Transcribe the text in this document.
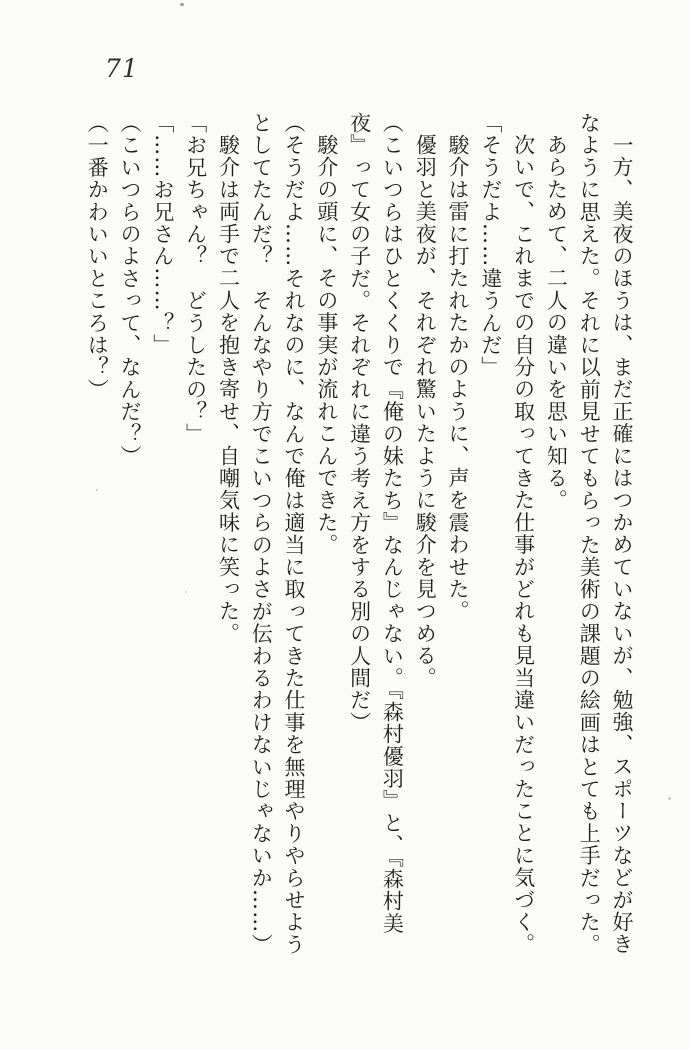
71
一方、美夜のほうは、まだ正確にはつかめていないが、勉強、スポーツなどが好き
なように思えた。それに以前見せてもらった美術の課題の絵画はとても上手だった。
あらためて、二人の違いを思い知る。
次いで、これまでの自分の取ってきた仕事がどれも見当違いだったことに気づく。
「そうだよ……違うんだ」
駿介は雷に打たれたかのように、声を震わせた。
優羽と美夜が、それぞれ驚いたように駿介を見つめる。
（こいつらはひとくくりで『俺の妹たち』なんじゃない。『森村優羽』と、『森村美
夜』って女の子だ。それぞれに違う考え方をする別の人間だ）
駿介の頭に、その事実が流れこんできた。
（そうだよ……それなのに、なんで俺は適当に取ってきた仕事を無理やりやらせよう
としてたんだ？　そんなやり方でこいつらのよさが伝わるわけないじゃないか……）
駿介は両手で二人を抱き寄せ、自嘲気味に笑った。
「お兄ちゃん？　どうしたの？」
「……お兄さん……？」
（こいつらのよさって、なんだ？）
（一番かわいいところは？）
